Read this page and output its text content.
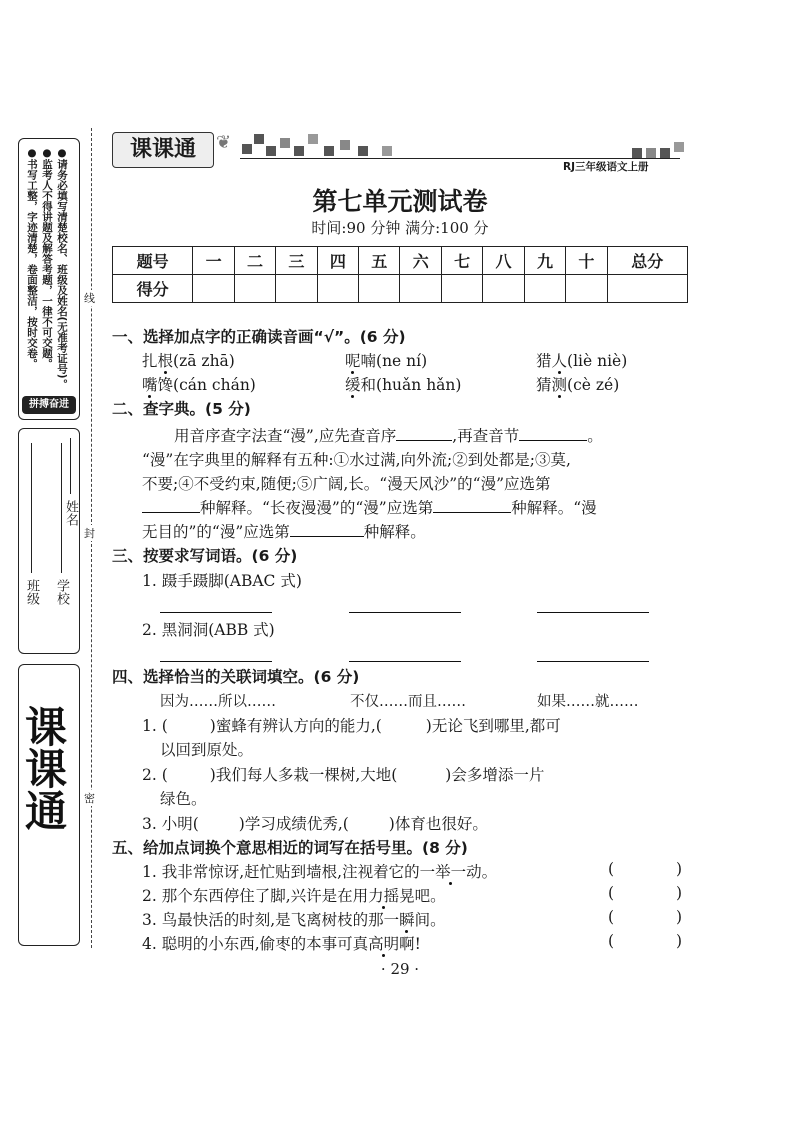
●请务必填写清楚校名、班级及姓名(无准考证号)。
●监考人不得讲题及解答考题，一律不可交题。
●书写工整，字迹清楚，卷面整洁，按时交卷。
拼搏奋进
学校
班级
姓名
课课通
线
封
密
课课通	❦
RJ三年级语文上册
第七单元测试卷
时间:90 分钟 满分:100 分
题号	一	二	三	四	五	六	七	八	九	十	总分
得分											
一、选择加点字的正确读音画“√”。(6 分)
扎根(zā zhā)	呢喃(ne ní)	猎人(liè niè)
嘴馋(cán chán)	缓和(huǎn hǎn)	猜测(cè zé)
二、查字典。(5 分)
用音序查字法查“漫”,应先查音序	,再查音节	。
“漫”在字典里的解释有五种:①水过满,向外流;②到处都是;③莫,
不要;④不受约束,随便;⑤广阔,长。“漫天风沙”的“漫”应选第
种解释。“长夜漫漫”的“漫”应选第	种解释。“漫
无目的”的“漫”应选第	种解释。
三、按要求写词语。(6 分)
1. 蹑手蹑脚(ABAC 式)
2. 黑洞洞(ABB 式)
四、选择恰当的关联词填空。(6 分)
因为……所以……	不仅……而且……	如果……就……
1. (	)蜜蜂有辨认方向的能力,(	)无论飞到哪里,都可
以回到原处。
2. (	)我们每人多栽一棵树,大地(	)会多增添一片
绿色。
3. 小明(	)学习成绩优秀,(	)体育也很好。
五、给加点词换个意思相近的词写在括号里。(8 分)
1. 我非常惊讶,赶忙贴到墙根,注视着它的一举一动。
2. 那个东西停住了脚,兴许是在用力摇晃吧。
3. 鸟最快活的时刻,是飞离树枝的那一瞬间。
4. 聪明的小东西,偷枣的本事可真高明啊!
(	)
(	)
(	)
(	)
· 29 ·
